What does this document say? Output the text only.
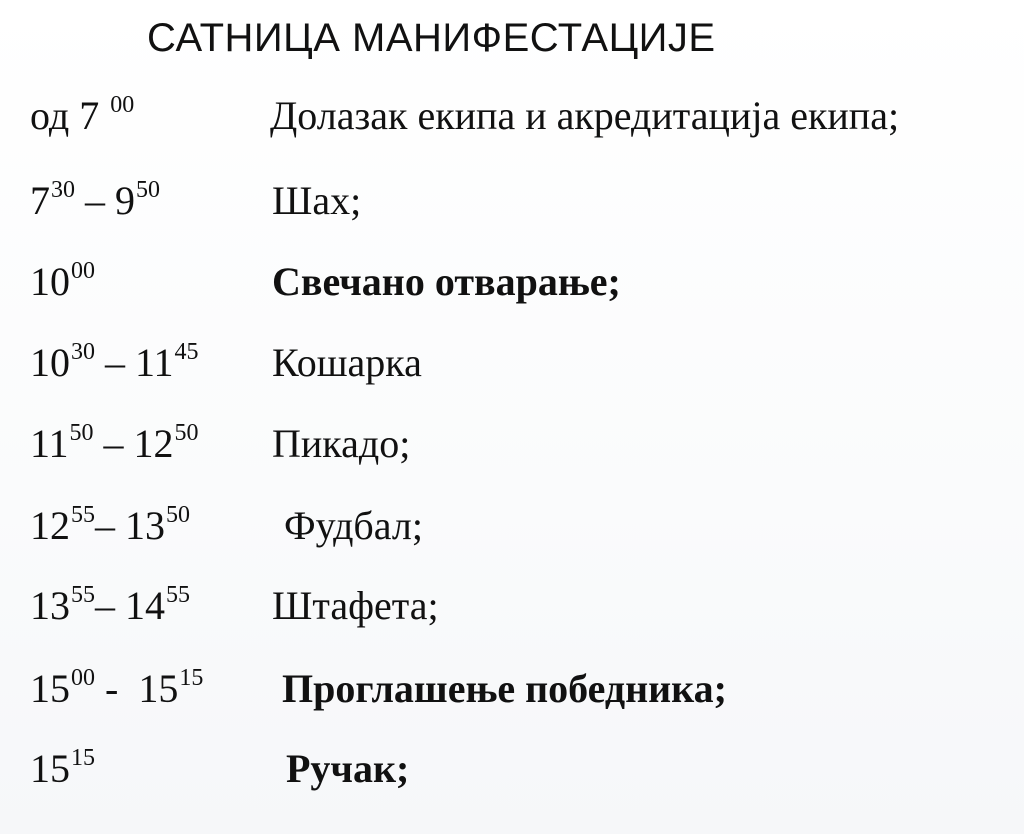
САТНИЦА МАНИФЕСТАЦИЈЕ
од 7 $^{00}$	Долазак екипа и акредитација екипа;
$7^{30} - 9^{50}$	Шах;
$10^{00}$	Свечано отварање;
$10^{30} - 11^{45}$ Кошарка
$11^{50} - 12^{50}$ Пикадо;
$12^{55}-$ $13^{50}$ Фудбал;
$13^{55}-$ $14^{55}$ Штафета;
$15^{00} - 15^{15}$ Проглашење победника;
$15^{15}$	Ручак;
